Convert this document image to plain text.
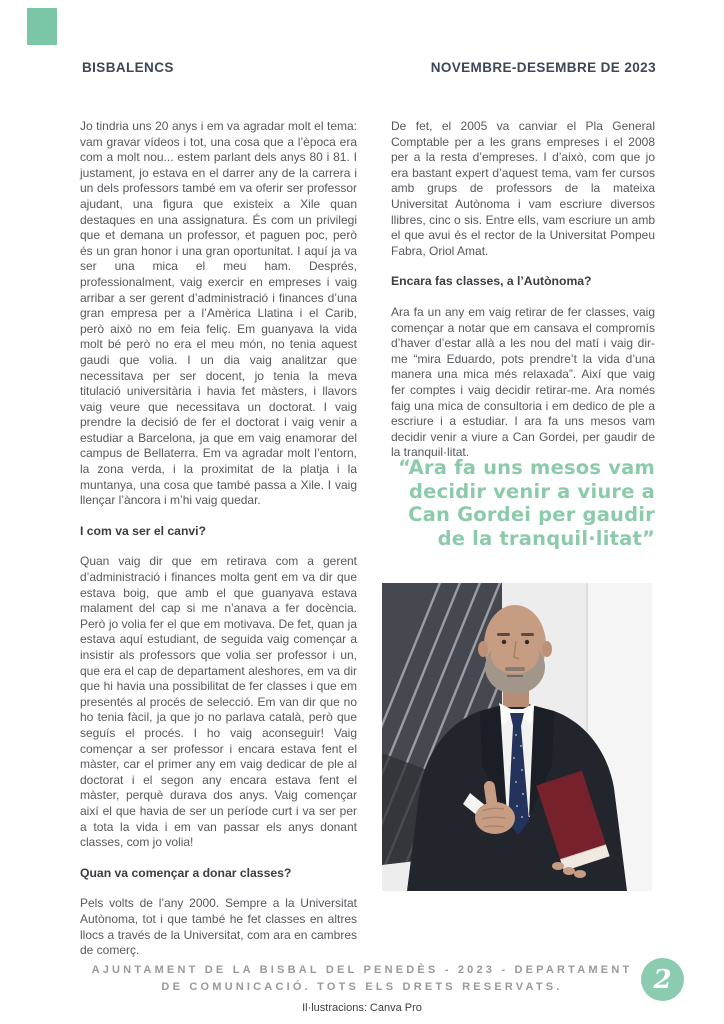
BISBALENCS	NOVEMBRE-DESEMBRE DE 2023

Jo tindria uns 20 anys i em va agradar molt el tema: vam gravar vídeos i tot, una cosa que a l’època era com a molt nou... estem parlant dels anys 80 i 81. I justament, jo estava en el darrer any de la carrera i un dels professors també em va oferir ser professor ajudant, una figura que existeix a Xile quan destaques en una assignatura. És com un privilegi que et demana un professor, et paguen poc, però és un gran honor i una gran oportunitat. I aquí ja va ser una mica el meu ham. Després, professionalment, vaig exercir en empreses i vaig arribar a ser gerent d’administració i finances d’una gran empresa per a l’Amèrica Llatina i el Carib, però això no em feia feliç. Em guanyava la vida molt bé però no era el meu món, no tenia aquest gaudi que volia. I un dia vaig analitzar que necessitava per ser docent, jo tenia la meva titulació universitària i havia fet màsters, i llavors vaig veure que necessitava un doctorat. I vaig prendre la decisió de fer el doctorat i vaig venir a estudiar a Barcelona, ja que em vaig enamorar del campus de Bellaterra. Em va agradar molt l’entorn, la zona verda, i la proximitat de la platja i la muntanya, una cosa que també passa a Xile. I vaig llençar l’àncora i m’hi vaig quedar.

I com va ser el canvi?

Quan vaig dir que em retirava com a gerent d’administració i finances molta gent em va dir que estava boig, que amb el que guanyava estava malament del cap si me n’anava a fer docència. Però jo volia fer el que em motivava. De fet, quan ja estava aquí estudiant, de seguida vaig començar a insistir als professors que volia ser professor i un, que era el cap de departament aleshores, em va dir que hi havia una possibilitat de fer classes i que em presentés al procés de selecció. Em van dir que no ho tenia fàcil, ja que jo no parlava català, però que seguís el procés. I ho vaig aconseguir! Vaig començar a ser professor i encara estava fent el màster, car el primer any em vaig dedicar de ple al doctorat i el segon any encara estava fent el màster, perquè durava dos anys. Vaig començar així el que havia de ser un període curt i va ser per a tota la vida i em van passar els anys donant classes, com jo volia!

Quan va començar a donar classes?

Pels volts de l’any 2000. Sempre a la Universitat Autònoma, tot i que també he fet classes en altres llocs a través de la Universitat, com ara en cambres de comerç.

De fet, el 2005 va canviar el Pla General Comptable per a les grans empreses i el 2008 per a la resta d’empreses. I d’això, com que jo era bastant expert d’aquest tema, vam fer cursos amb grups de professors de la mateixa Universitat Autònoma i vam escriure diversos llibres, cinc o sis. Entre ells, vam escriure un amb el que avui és el rector de la Universitat Pompeu Fabra, Oriol Amat.

Encara fas classes, a l’Autònoma?

Ara fa un any em vaig retirar de fer classes, vaig començar a notar que em cansava el compromís d’haver d’estar allà a les nou del matí i vaig dir-me “mira Eduardo, pots prendre’t la vida d’una manera una mica més relaxada”. Així que vaig fer comptes i vaig decidir retirar-me. Ara només faig una mica de consultoria i em dedico de ple a escriure i a estudiar. I ara fa uns mesos vam decidir venir a viure a Can Gordei, per gaudir de la tranquil·litat.

“Ara fa uns mesos vam
decidir venir a viure a
Can Gordei per gaudir
de la tranquil·litat”
AJUNTAMENT DE LA BISBAL DEL PENEDÈS - 2023 - DEPARTAMENT
DE COMUNICACIÓ. TOTS ELS DRETS RESERVATS.	2
Il·lustracions: Canva Pro
